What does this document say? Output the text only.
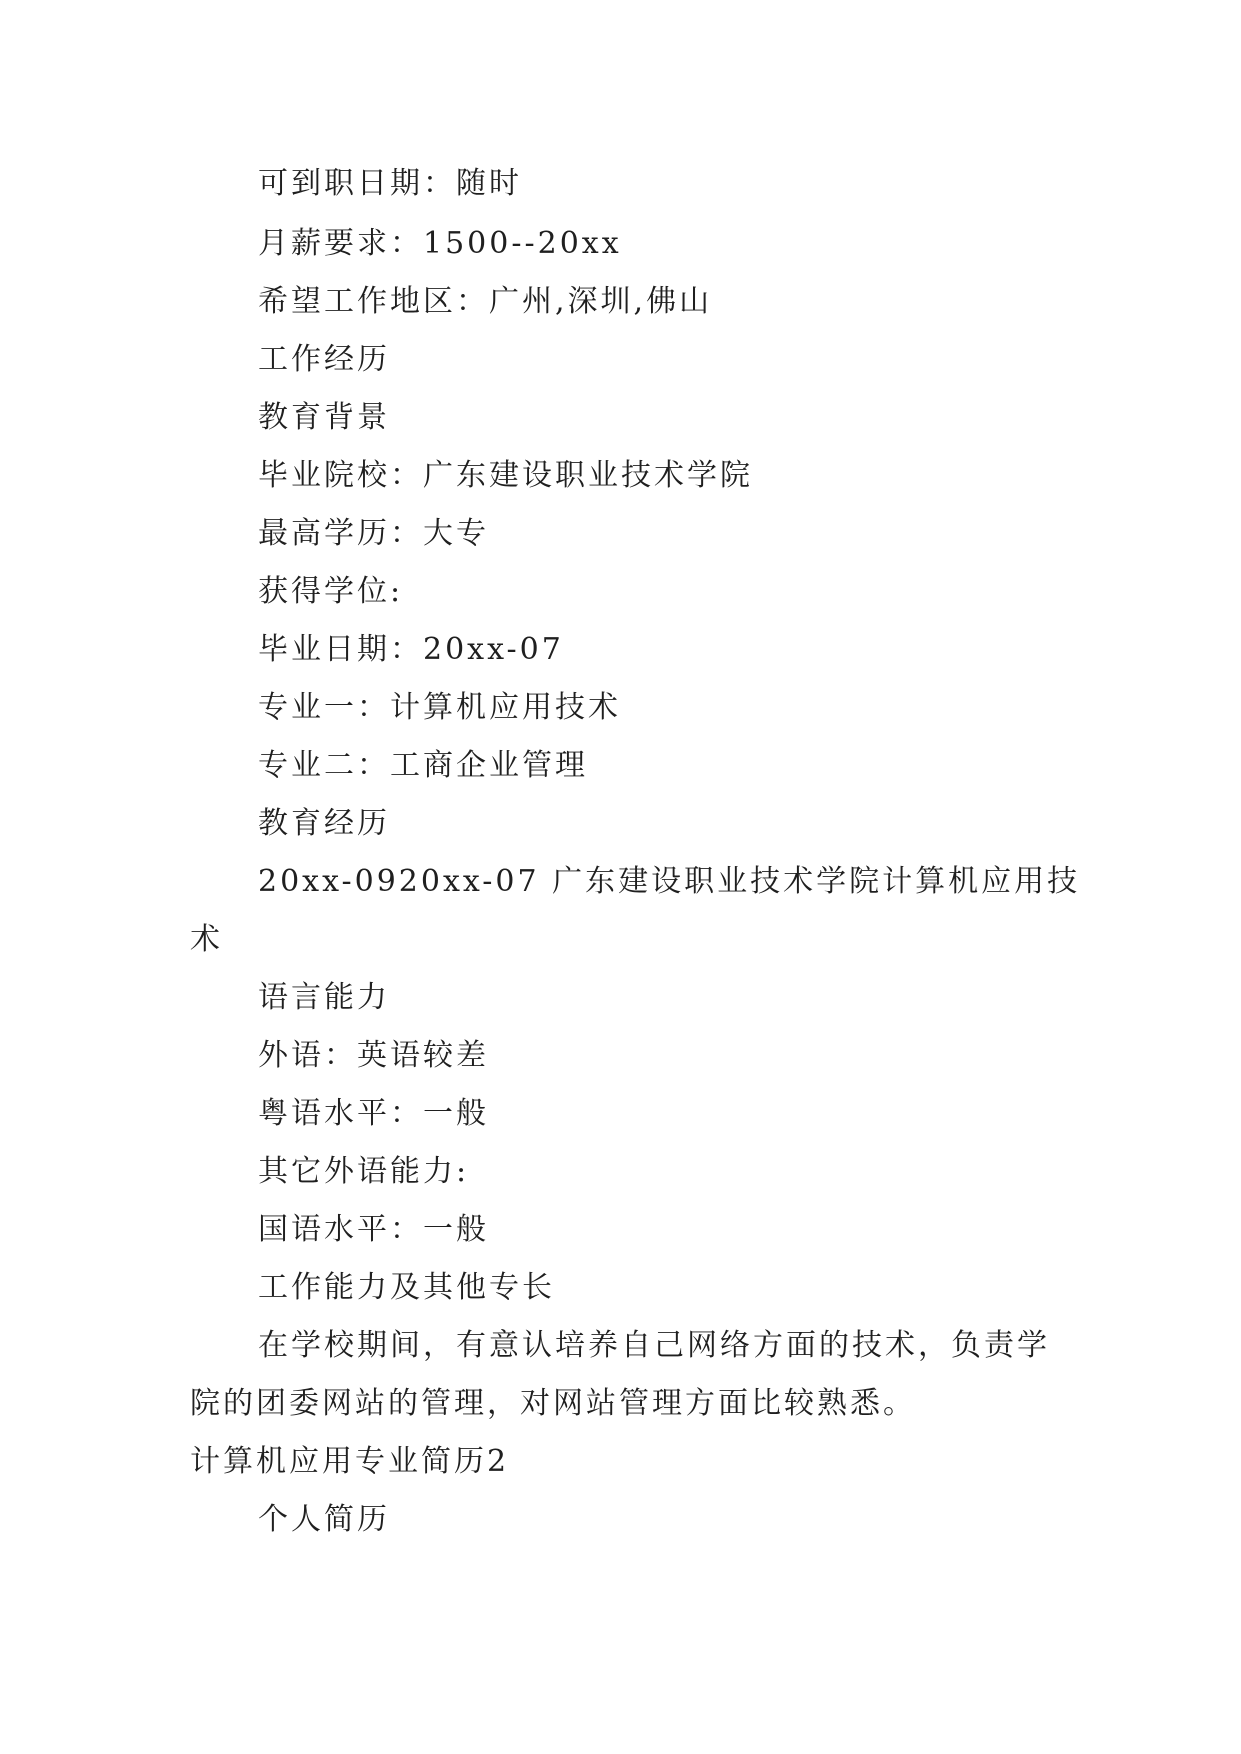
可到职日期：随时
月薪要求：1500--20xx
希望工作地区：广州,深圳,佛山
工作经历
教育背景
毕业院校：广东建设职业技术学院
最高学历：大专
获得学位:
毕业日期：20xx-07
专业一：计算机应用技术
专业二：工商企业管理
教育经历
20xx-0920xx-07 广东建设职业技术学院计算机应用技
术
语言能力
外语：英语较差
粤语水平：一般
其它外语能力:
国语水平：一般
工作能力及其他专长
在学校期间，有意认培养自己网络方面的技术，负责学
院的团委网站的管理，对网站管理方面比较熟悉。
计算机应用专业简历2
个人简历
